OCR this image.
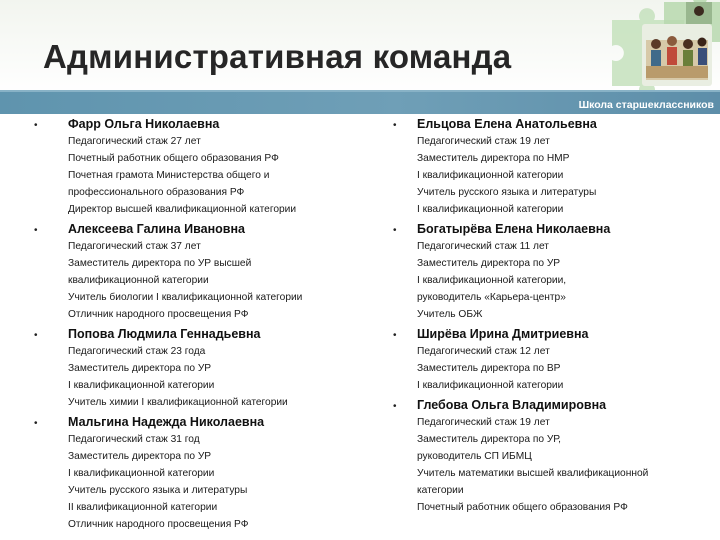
Административная команда
Школа старшеклассников
• Фарр Ольга Николаевна

Педагогический стаж 27 лет
Почетный работник общего образования РФ
Почетная грамота Министерства общего и
профессионального образования РФ
Директор высшей квалификационной категории
• Алексеева Галина Ивановна

Педагогический стаж 37 лет
Заместитель директора по УР высшей
квалификационной категории
Учитель биологии I квалификационной категории
Отличник народного просвещения РФ
• Попова Людмила Геннадьевна

Педагогический стаж 23 года
Заместитель директора по УР
I квалификационной категории
Учитель химии I квалификационной категории
• Мальгина Надежда Николаевна

Педагогический стаж 31 год
Заместитель директора по УР
I квалификационной категории
Учитель русского языка и литературы
II квалификационной категории
Отличник народного просвещения РФ
• Ельцова Елена Анатольевна

Педагогический стаж 19 лет
Заместитель директора по НМР
I квалификационной категории
Учитель русского языка и литературы
I квалификационной категории
• Богатырёва Елена Николаевна

Педагогический стаж 11 лет
Заместитель директора по УР
I квалификационной категории,
руководитель «Карьера-центр»
Учитель ОБЖ
• Ширёва Ирина Дмитриевна

Педагогический стаж 12 лет
Заместитель директора по ВР
I квалификационной категории
• Глебова Ольга Владимировна

Педагогический стаж 19 лет
Заместитель директора по УР,
руководитель СП ИБМЦ
Учитель математики высшей квалификационной
категории
Почетный работник общего образования РФ
